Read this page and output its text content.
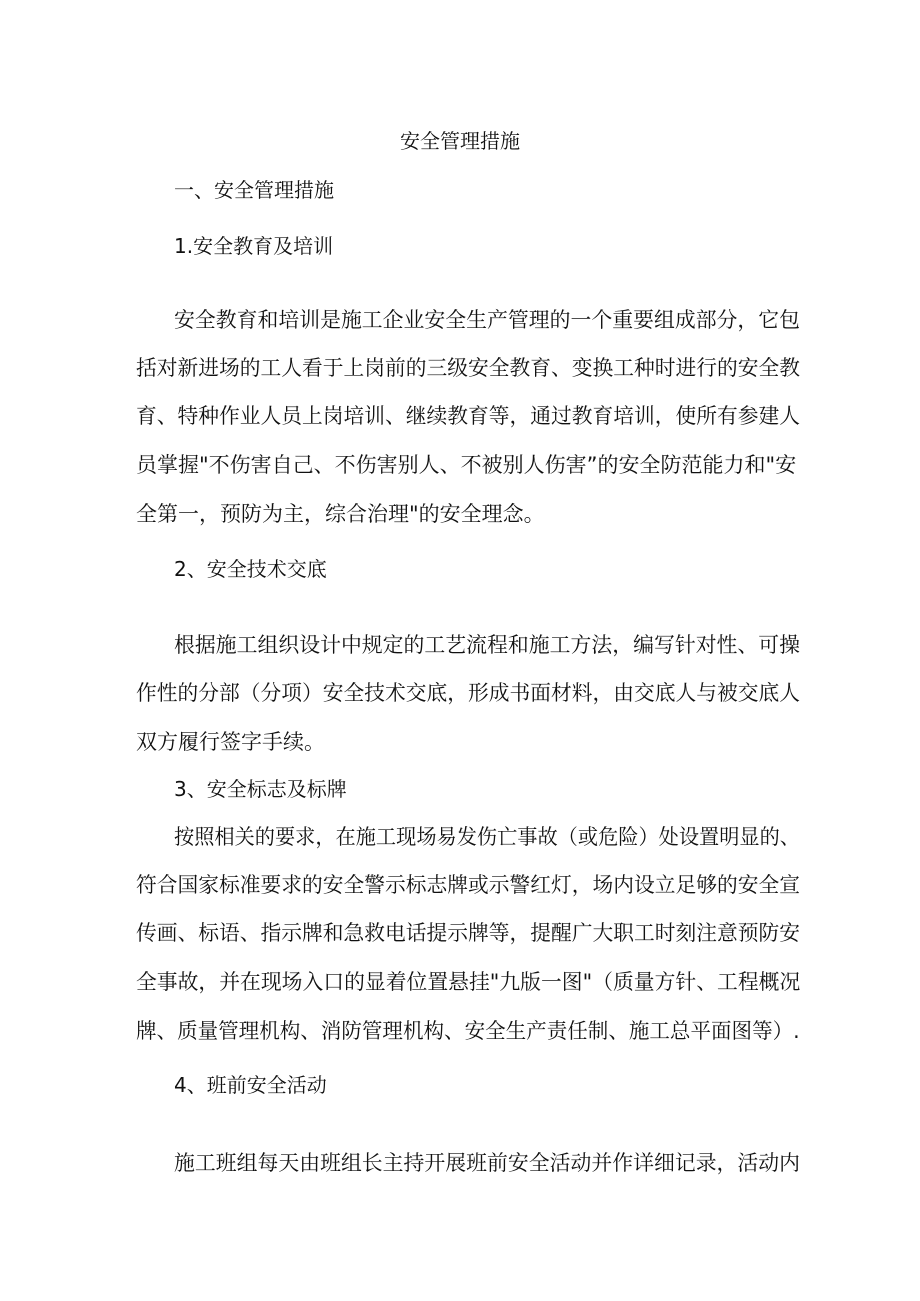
安全管理措施
一、安全管理措施
1.安全教育及培训
安全教育和培训是施工企业安全生产管理的一个重要组成部分，它包
括对新进场的工人看于上岗前的三级安全教育、变换工种时进行的安全教
育、特种作业人员上岗培训、继续教育等，通过教育培训，使所有参建人
员掌握"不伤害自己、不伤害别人、不被别人伤害”的安全防范能力和"安
全第一，预防为主，综合治理"的安全理念。
2、安全技术交底
根据施工组织设计中规定的工艺流程和施工方法，编写针对性、可操
作性的分部（分项）安全技术交底，形成书面材料，由交底人与被交底人
双方履行签字手续。
3、安全标志及标牌
按照相关的要求，在施工现场易发伤亡事故（或危险）处设置明显的、
符合国家标准要求的安全警示标志牌或示警红灯，场内设立足够的安全宣
传画、标语、指示牌和急救电话提示牌等，提醒广大职工时刻注意预防安
全事故，并在现场入口的显着位置悬挂"九版一图"（质量方针、工程概况
牌、质量管理机构、消防管理机构、安全生产责任制、施工总平面图等）.
4、班前安全活动
施工班组每天由班组长主持开展班前安全活动并作详细记录，活动内
